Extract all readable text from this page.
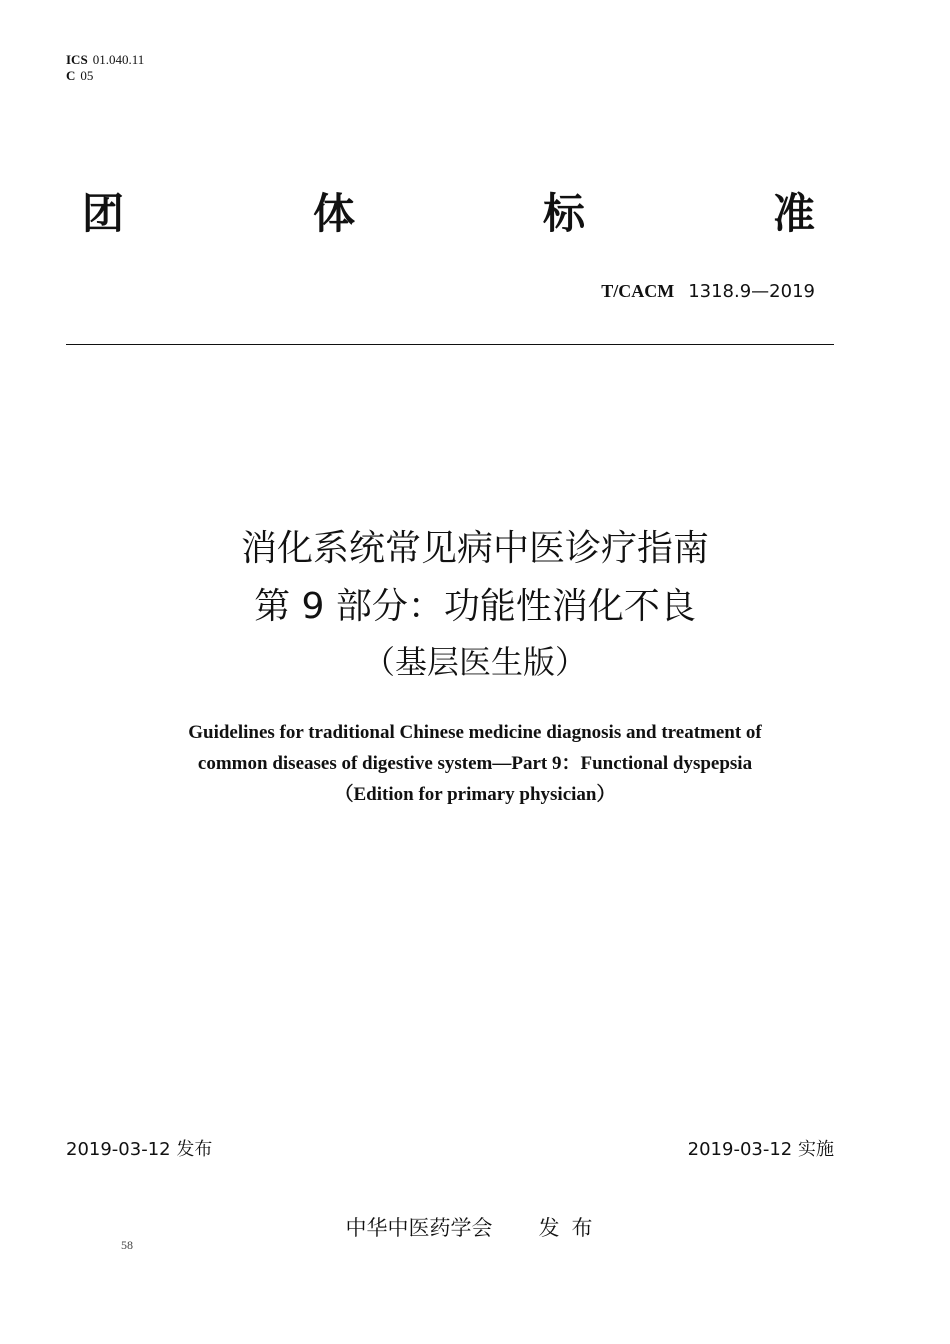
ICS 01.040.11
C 05
团	体	标	准
T/CACM 1318.9—2019
消化系统常见病中医诊疗指南
第 9 部分：功能性消化不良
（基层医生版）
Guidelines for traditional Chinese medicine diagnosis and treatment of
common diseases of digestive system—Part 9：Functional dyspepsia
（Edition for primary physician）
2019-03-12 发布	2019-03-12 实施
中华中医药学会 发布
58
